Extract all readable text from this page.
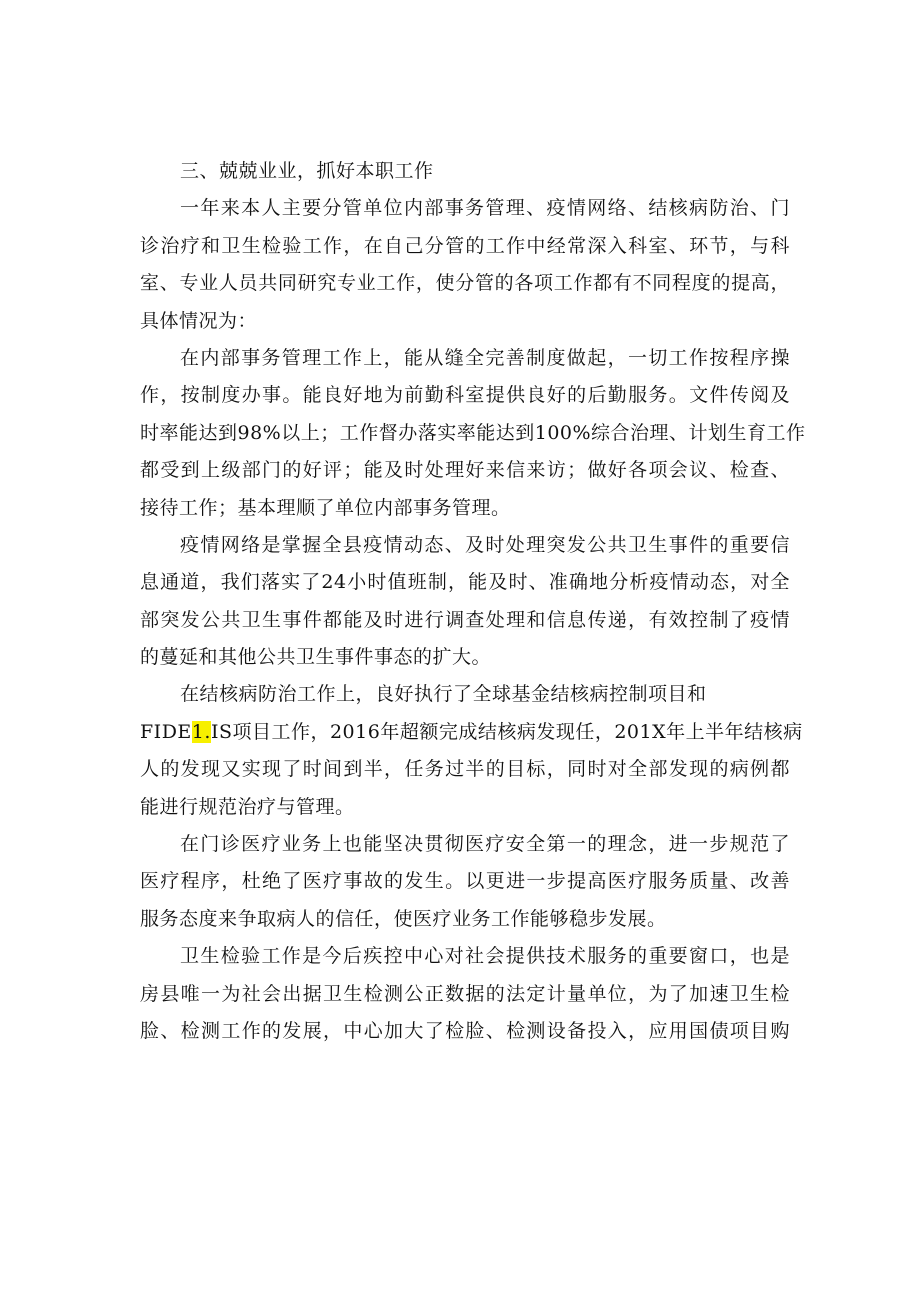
三、兢兢业业，抓好本职工作
一年来本人主要分管单位内部事务管理、疫情网络、结核病防治、门
诊治疗和卫生检验工作，在自己分管的工作中经常深入科室、环节，与科
室、专业人员共同研究专业工作，使分管的各项工作都有不同程度的提高，
具体情况为：
在内部事务管理工作上，能从缝全完善制度做起，一切工作按程序操
作，按制度办事。能良好地为前勤科室提供良好的后勤服务。文件传阅及
时率能达到98%以上；工作督办落实率能达到100%综合治理、计划生育工作
都受到上级部门的好评；能及时处理好来信来访；做好各项会议、检查、
接待工作；基本理顺了单位内部事务管理。
疫情网络是掌握全县疫情动态、及时处理突发公共卫生事件的重要信
息通道，我们落实了24小时值班制，能及时、准确地分析疫情动态，对全
部突发公共卫生事件都能及时进行调查处理和信息传递，有效控制了疫情
的蔓延和其他公共卫生事件事态的扩大。
在结核病防治工作上，良好执行了全球基金结核病控制项目和
FIDE1.IS项目工作，2016年超额完成结核病发现任，201X年上半年结核病
人的发现又实现了时间到半，任务过半的目标，同时对全部发现的病例都
能进行规范治疗与管理。
在门诊医疗业务上也能坚决贯彻医疗安全第一的理念，进一步规范了
医疗程序，杜绝了医疗事故的发生。以更进一步提高医疗服务质量、改善
服务态度来争取病人的信任，使医疗业务工作能够稳步发展。
卫生检验工作是今后疾控中心对社会提供技术服务的重要窗口，也是
房县唯一为社会出据卫生检测公正数据的法定计量单位，为了加速卫生检
脸、检测工作的发展，中心加大了检脸、检测设备投入，应用国债项目购
